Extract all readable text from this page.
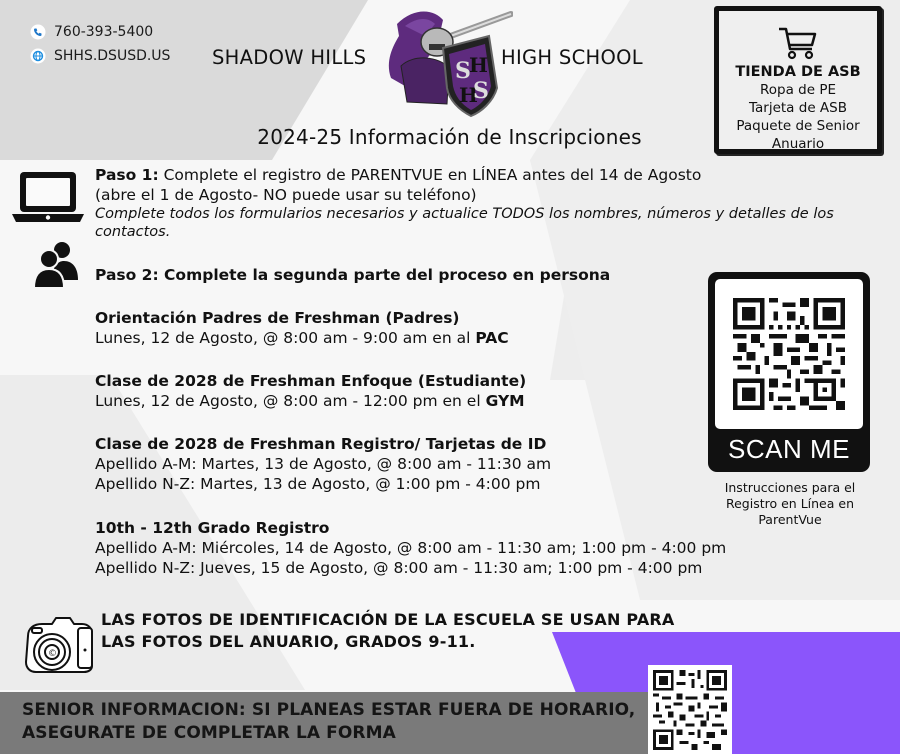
760-393-5400
SHHS.DSUSD.US SHADOW HILLS
S
H
H
S
HIGH SCHOOL
2024-25 Información de Inscripciones
TIENDA DE ASB
Ropa de PE
Tarjeta de ASB
Paquete de Senior
Anuario
Paso 1: Complete el registro de PARENTVUE en LÍNEA antes del 14 de Agosto
(abre el 1 de Agosto- NO puede usar su teléfono)
Complete todos los formularios necesarios y actualice TODOS los nombres, números y detalles de los contactos.
Paso 2: Complete la segunda parte del proceso en persona
Orientación Padres de Freshman (Padres)
Lunes, 12 de Agosto, @ 8:00 am - 9:00 am en al PAC
Clase de 2028 de Freshman Enfoque (Estudiante)
Lunes, 12 de Agosto, @ 8:00 am - 12:00 pm en el GYM
Clase de 2028 de Freshman Registro/ Tarjetas de ID
Apellido A-M: Martes, 13 de Agosto, @ 8:00 am - 11:30 am
Apellido N-Z: Martes, 13 de Agosto, @ 1:00 pm - 4:00 pm
10th - 12th Grado Registro
Apellido A-M: Miércoles, 14 de Agosto, @ 8:00 am - 11:30 am; 1:00 pm - 4:00 pm
Apellido N-Z: Jueves, 15 de Agosto, @ 8:00 am - 11:30 am; 1:00 pm - 4:00 pm
SCAN ME
Instrucciones para el
Registro en Línea en
ParentVue
©
LAS FOTOS DE IDENTIFICACIÓN DE LA ESCUELA SE USAN PARA
LAS FOTOS DEL ANUARIO, GRADOS 9-11.
SENIOR INFORMACION: SI PLANEAS ESTAR FUERA DE HORARIO,
ASEGURATE DE COMPLETAR LA FORMA
